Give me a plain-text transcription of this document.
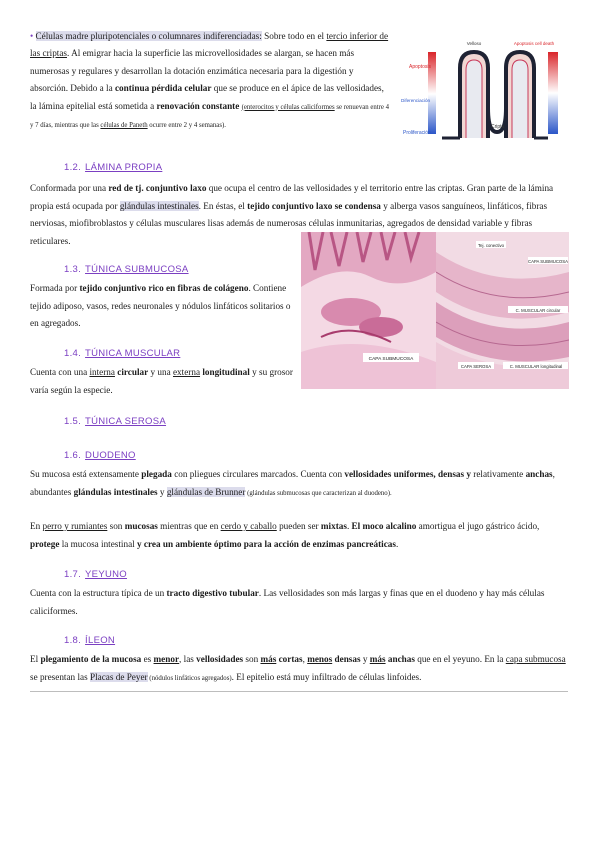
• Células madre pluripotenciales o columnares indiferenciadas: Sobre todo en el tercio inferior de las criptas. Al emigrar hacia la superficie las microvellosidades se alargan, se hacen más numerosas y regulares y desarrollan la dotación enzimática necesaria para la digestión y absorción. Debido a la continua pérdida celular que se produce en el ápice de las vellosidades, la lámina epitelial está sometida a renovación constante (enterocitos y células caliciformes se renuevan entre 4 y 7 días, mientras que las células de Paneth ocurre entre 2 y 4 semanas).

Velloso	Apoptosis cell death
Apoptosis
Diferenciación
Proliferación
Cripta
1.2. LÁMINA PROPIA

Conformada por una red de tj. conjuntivo laxo que ocupa el centro de las vellosidades y el territorio entre las criptas. Gran parte de la lámina propia está ocupada por glándulas intestinales. En éstas, el tejido conjuntivo laxo se condensa y alberga vasos sanguíneos, linfáticos, fibras nerviosas, miofibroblastos y células musculares lisas además de numerosas células inmunitarias, agregados de densidad variable y fibras reticulares.

CAPA SUBMUCOSA
Tej. conectivo
CAPA SUBMUCOSA
C. MUSCULAR circular
CAPA SEROSA	C. MUSCULAR longitudinal
1.3. TÚNICA SUBMUCOSA

Formada por tejido conjuntivo rico en fibras de colágeno. Contiene tejido adiposo, vasos, redes neuronales y nódulos linfáticos solitarios o en agregados.

1.4. TÚNICA MUSCULAR

Cuenta con una interna circular y una externa longitudinal y su grosor varía según la especie.

1.5. TÚNICA SEROSA
1.6. DUODENO

Su mucosa está extensamente plegada con pliegues circulares marcados. Cuenta con vellosidades uniformes, densas y relativamente anchas, abundantes glándulas intestinales y glándulas de Brunner (glándulas submucosas que caracterizan al duodeno).

En perro y rumiantes son mucosas mientras que en cerdo y caballo pueden ser mixtas. El moco alcalino amortigua el jugo gástrico ácido, protege la mucosa intestinal y crea un ambiente óptimo para la acción de enzimas pancreáticas.

1.7. YEYUNO

Cuenta con la estructura típica de un tracto digestivo tubular. Las vellosidades son más largas y finas que en el duodeno y hay más células caliciformes.

1.8. ÍLEON

El plegamiento de la mucosa es menor, las vellosidades son más cortas, menos densas y más anchas que en el yeyuno. En la capa submucosa se presentan las Placas de Peyer (nódulos linfáticos agregados). El epitelio está muy infiltrado de células linfoides.
